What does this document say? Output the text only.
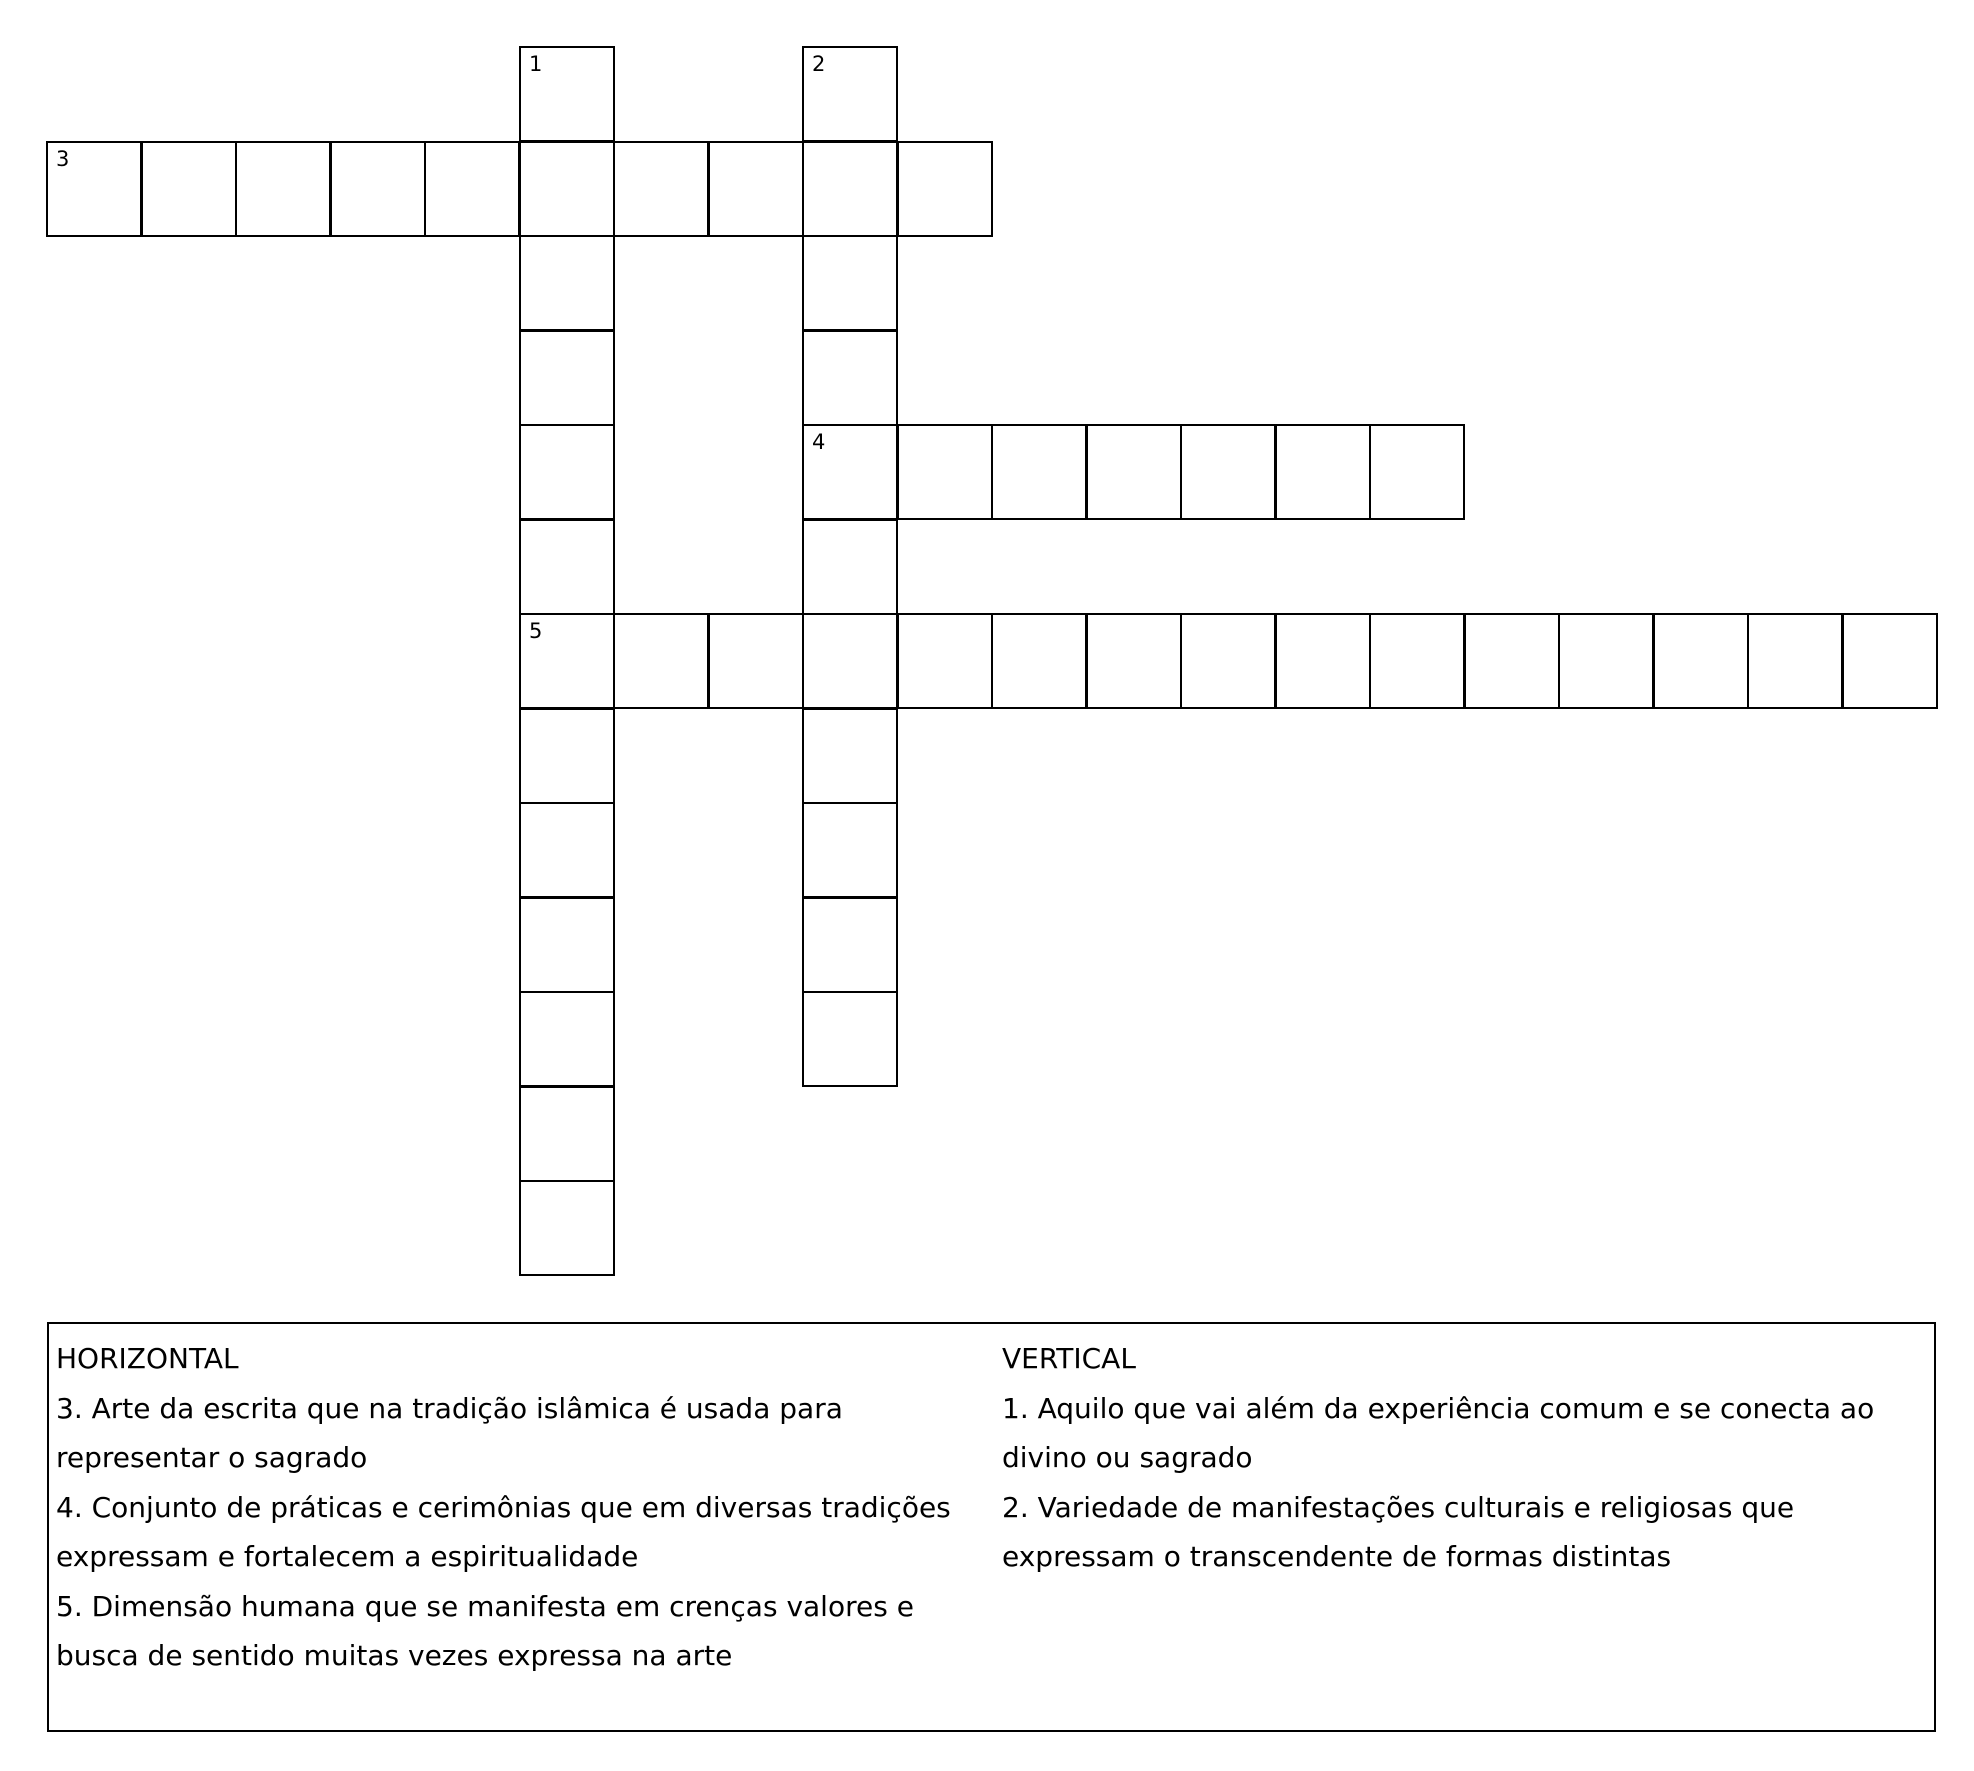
1	2
3
4
5
HORIZONTAL
3. Arte da escrita que na tradição islâmica é usada para representar o sagrado
4. Conjunto de práticas e cerimônias que em diversas tradições expressam e fortalecem a espiritualidade
5. Dimensão humana que se manifesta em crenças valores e busca de sentido muitas vezes expressa na arte
VERTICAL
1. Aquilo que vai além da experiência comum e se conecta ao divino ou sagrado
2. Variedade de manifestações culturais e religiosas que expressam o transcendente de formas distintas
